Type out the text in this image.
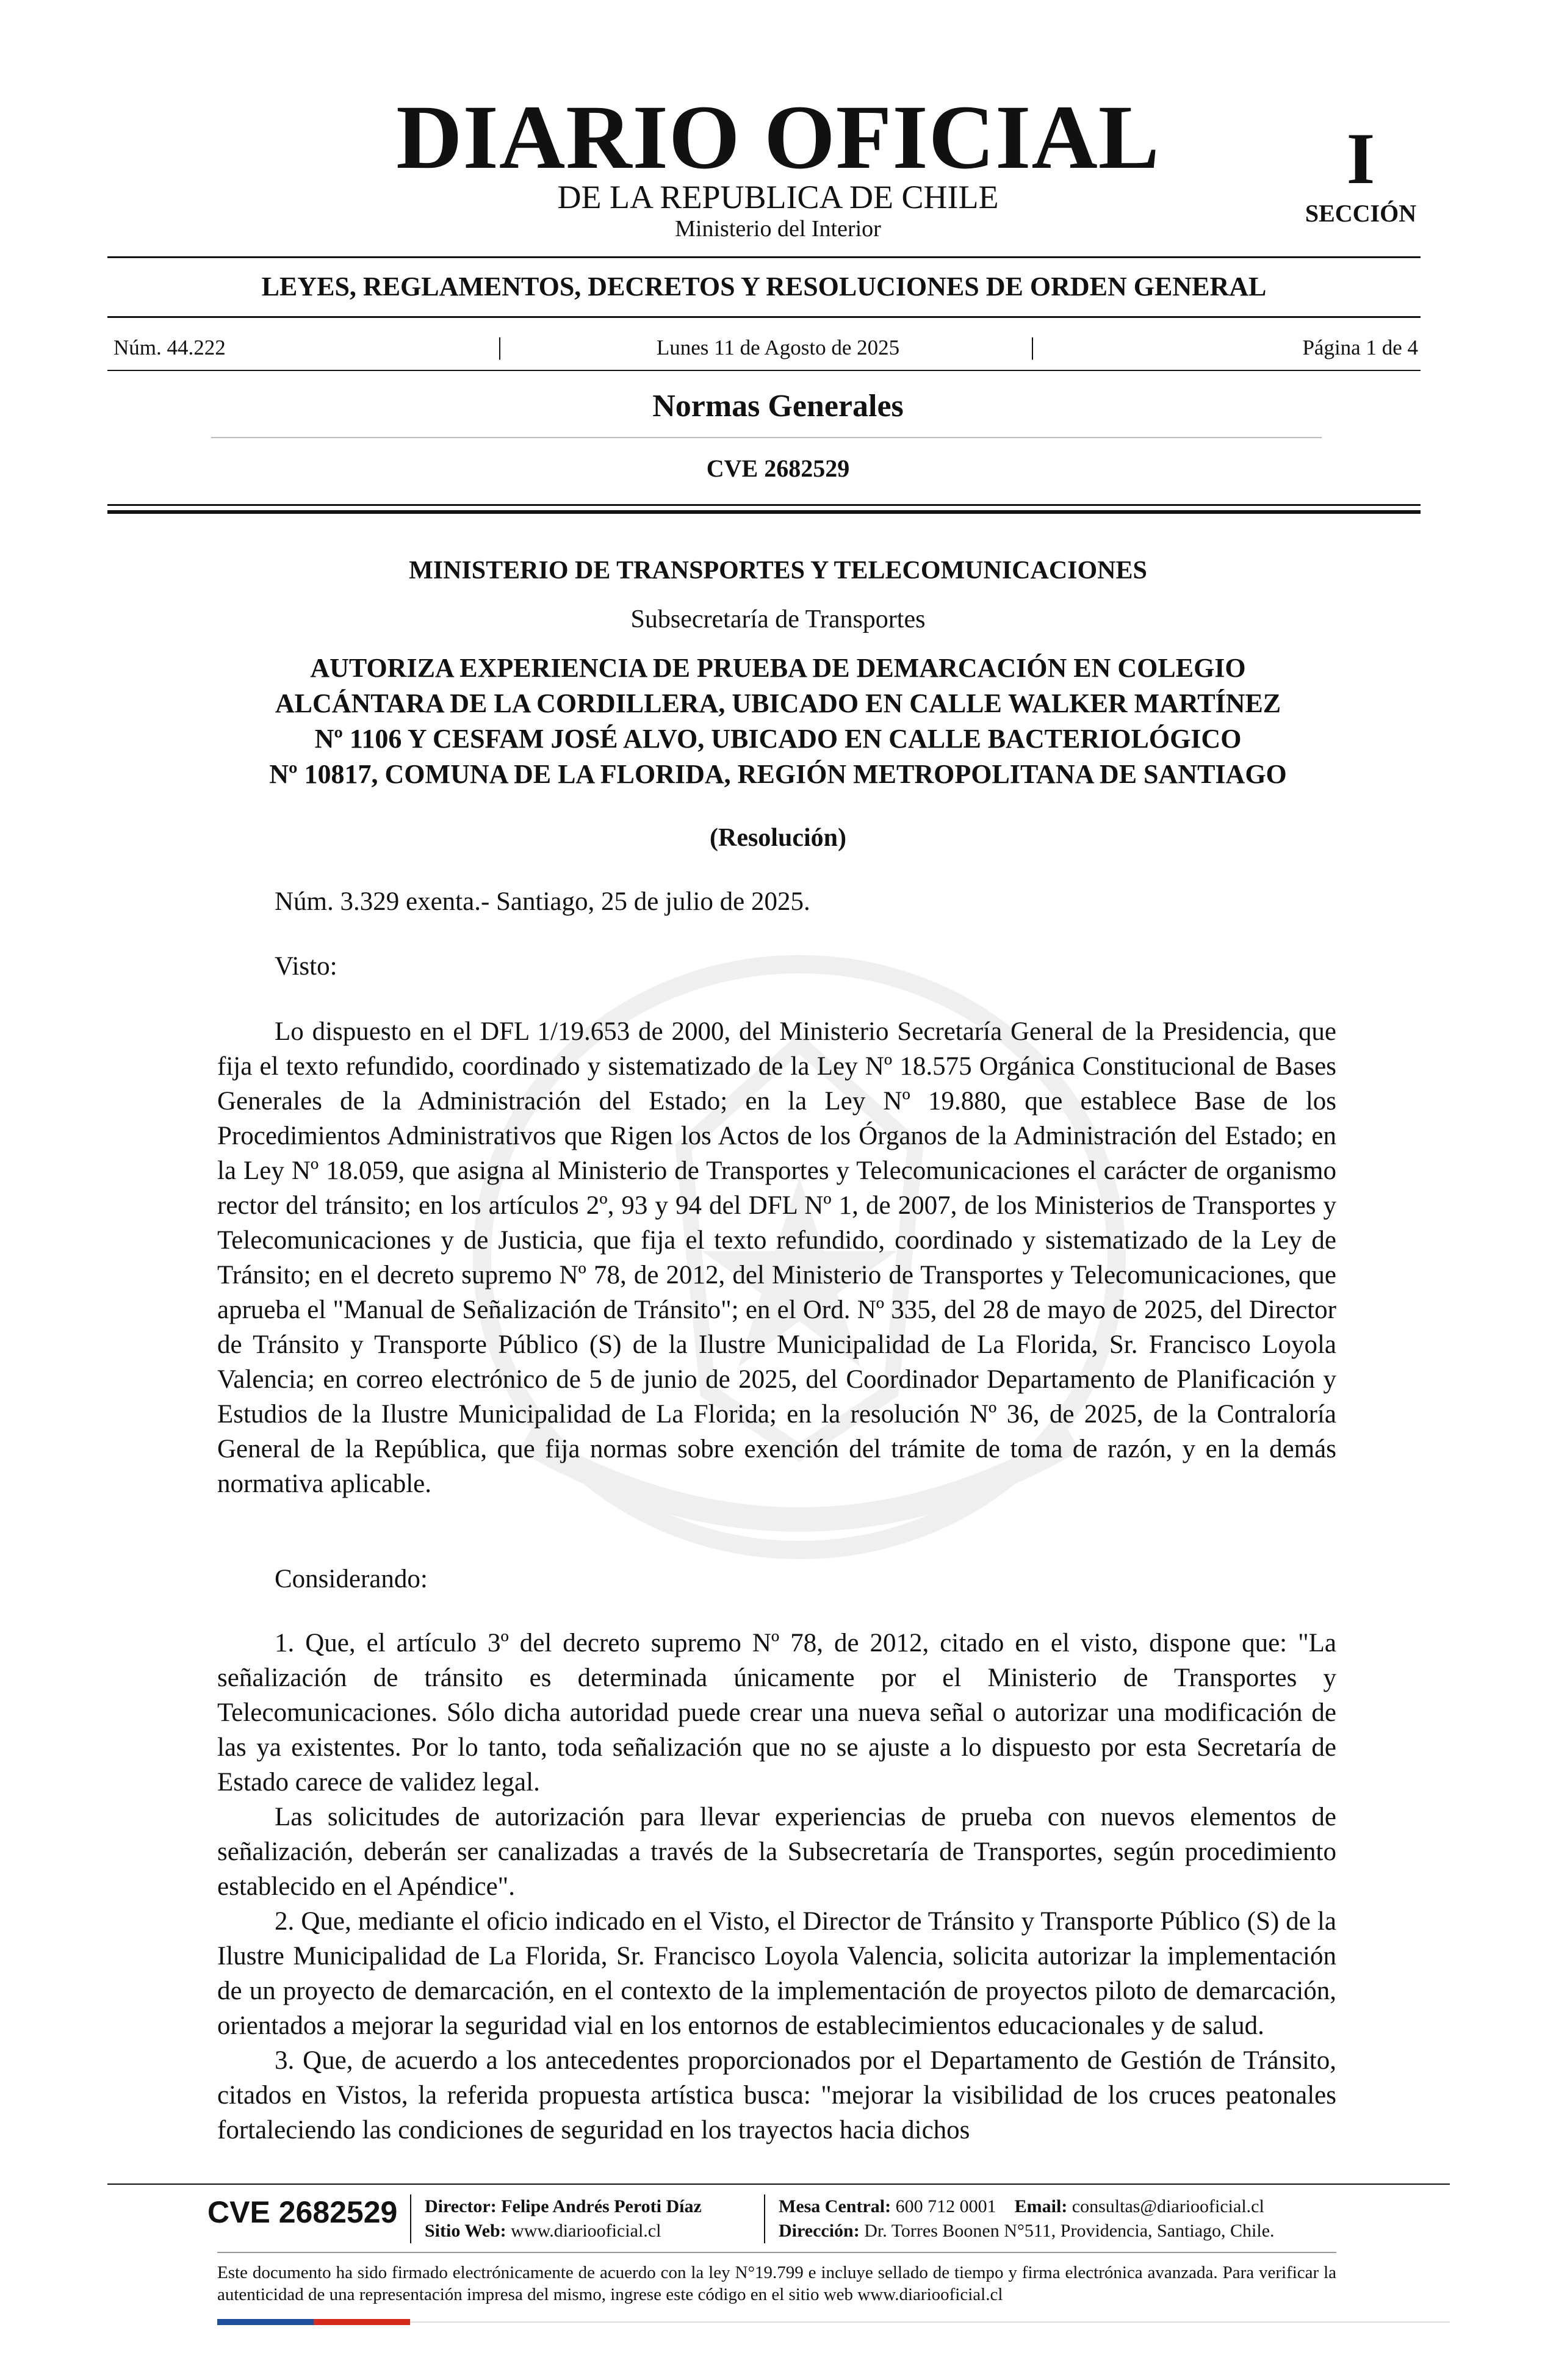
DIARIO OFICIAL
DE LA REPUBLICA DE CHILE
Ministerio del Interior
I
SECCIÓN
LEYES, REGLAMENTOS, DECRETOS Y RESOLUCIONES DE ORDEN GENERAL
Núm. 44.222	|	Lunes 11 de Agosto de 2025	|	Página 1 de 4
Normas Generales
CVE 2682529
MINISTERIO DE TRANSPORTES Y TELECOMUNICACIONES
Subsecretaría de Transportes
AUTORIZA EXPERIENCIA DE PRUEBA DE DEMARCACIÓN EN COLEGIO
ALCÁNTARA DE LA CORDILLERA, UBICADO EN CALLE WALKER MARTÍNEZ
Nº 1106 Y CESFAM JOSÉ ALVO, UBICADO EN CALLE BACTERIOLÓGICO
Nº 10817, COMUNA DE LA FLORIDA, REGIÓN METROPOLITANA DE SANTIAGO
(Resolución)
Núm. 3.329 exenta.- Santiago, 25 de julio de 2025.
Visto:
Lo dispuesto en el DFL 1/19.653 de 2000, del Ministerio Secretaría General de la Presidencia, que fija el texto refundido, coordinado y sistematizado de la Ley Nº 18.575 Orgánica Constitucional de Bases Generales de la Administración del Estado; en la Ley Nº 19.880, que establece Base de los Procedimientos Administrativos que Rigen los Actos de los Órganos de la Administración del Estado; en la Ley Nº 18.059, que asigna al Ministerio de Transportes y Telecomunicaciones el carácter de organismo rector del tránsito; en los artículos 2º, 93 y 94 del DFL Nº 1, de 2007, de los Ministerios de Transportes y Telecomunicaciones y de Justicia, que fija el texto refundido, coordinado y sistematizado de la Ley de Tránsito; en el decreto supremo Nº 78, de 2012, del Ministerio de Transportes y Telecomunicaciones, que aprueba el "Manual de Señalización de Tránsito"; en el Ord. Nº 335, del 28 de mayo de 2025, del Director de Tránsito y Transporte Público (S) de la Ilustre Municipalidad de La Florida, Sr. Francisco Loyola Valencia; en correo electrónico de 5 de junio de 2025, del Coordinador Departamento de Planificación y Estudios de la Ilustre Municipalidad de La Florida; en la resolución Nº 36, de 2025, de la Contraloría General de la República, que fija normas sobre exención del trámite de toma de razón, y en la demás normativa aplicable.
Considerando:
1. Que, el artículo 3º del decreto supremo Nº 78, de 2012, citado en el visto, dispone que: "La señalización de tránsito es determinada únicamente por el Ministerio de Transportes y Telecomunicaciones. Sólo dicha autoridad puede crear una nueva señal o autorizar una modificación de las ya existentes. Por lo tanto, toda señalización que no se ajuste a lo dispuesto por esta Secretaría de Estado carece de validez legal.
Las solicitudes de autorización para llevar experiencias de prueba con nuevos elementos de señalización, deberán ser canalizadas a través de la Subsecretaría de Transportes, según procedimiento establecido en el Apéndice".
2. Que, mediante el oficio indicado en el Visto, el Director de Tránsito y Transporte Público (S) de la Ilustre Municipalidad de La Florida, Sr. Francisco Loyola Valencia, solicita autorizar la implementación de un proyecto de demarcación, en el contexto de la implementación de proyectos piloto de demarcación, orientados a mejorar la seguridad vial en los entornos de establecimientos educacionales y de salud.
3. Que, de acuerdo a los antecedentes proporcionados por el Departamento de Gestión de Tránsito, citados en Vistos, la referida propuesta artística busca: "mejorar la visibilidad de los cruces peatonales fortaleciendo las condiciones de seguridad en los trayectos hacia dichos
CVE 2682529 Director: Felipe Andrés Peroti Díaz
Sitio Web: www.diariooficial.cl
Mesa Central: 600 712 0001 Email: consultas@diariooficial.cl
Dirección: Dr. Torres Boonen N°511, Providencia, Santiago, Chile.
Este documento ha sido firmado electrónicamente de acuerdo con la ley N°19.799 e incluye sellado de tiempo y firma electrónica avanzada. Para verificar la autenticidad de una representación impresa del mismo, ingrese este código en el sitio web www.diariooficial.cl
